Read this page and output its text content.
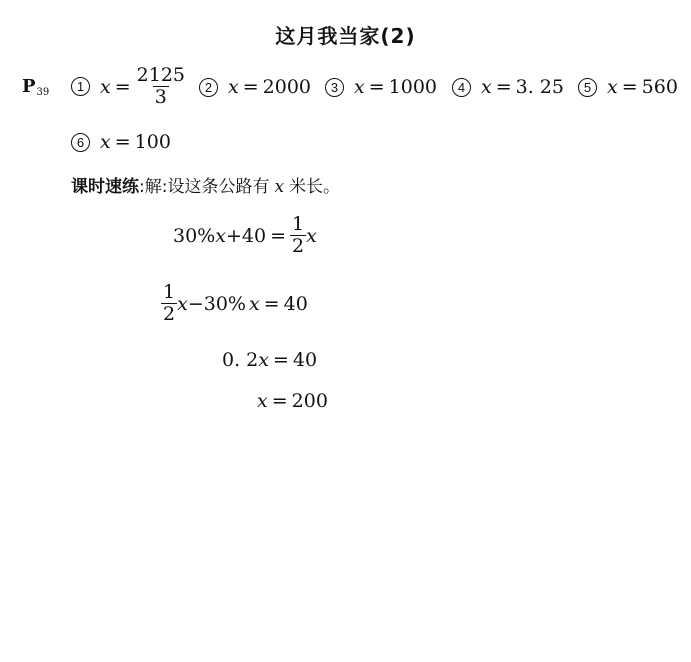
这月我当家(2)
$P_{39}$	1 $x = \frac{2125}{3}$	2 x = 2000	3 x = 1000	4 x = 3. 25	5 x = 560
6 x = 100
课时速练:解:设这条公路有 x 米长。
30% $x +40 = \frac{1}{2}$ x
$\frac{1}{2}$ x −30% x = 40
0. 2 x = 40
x = 200
